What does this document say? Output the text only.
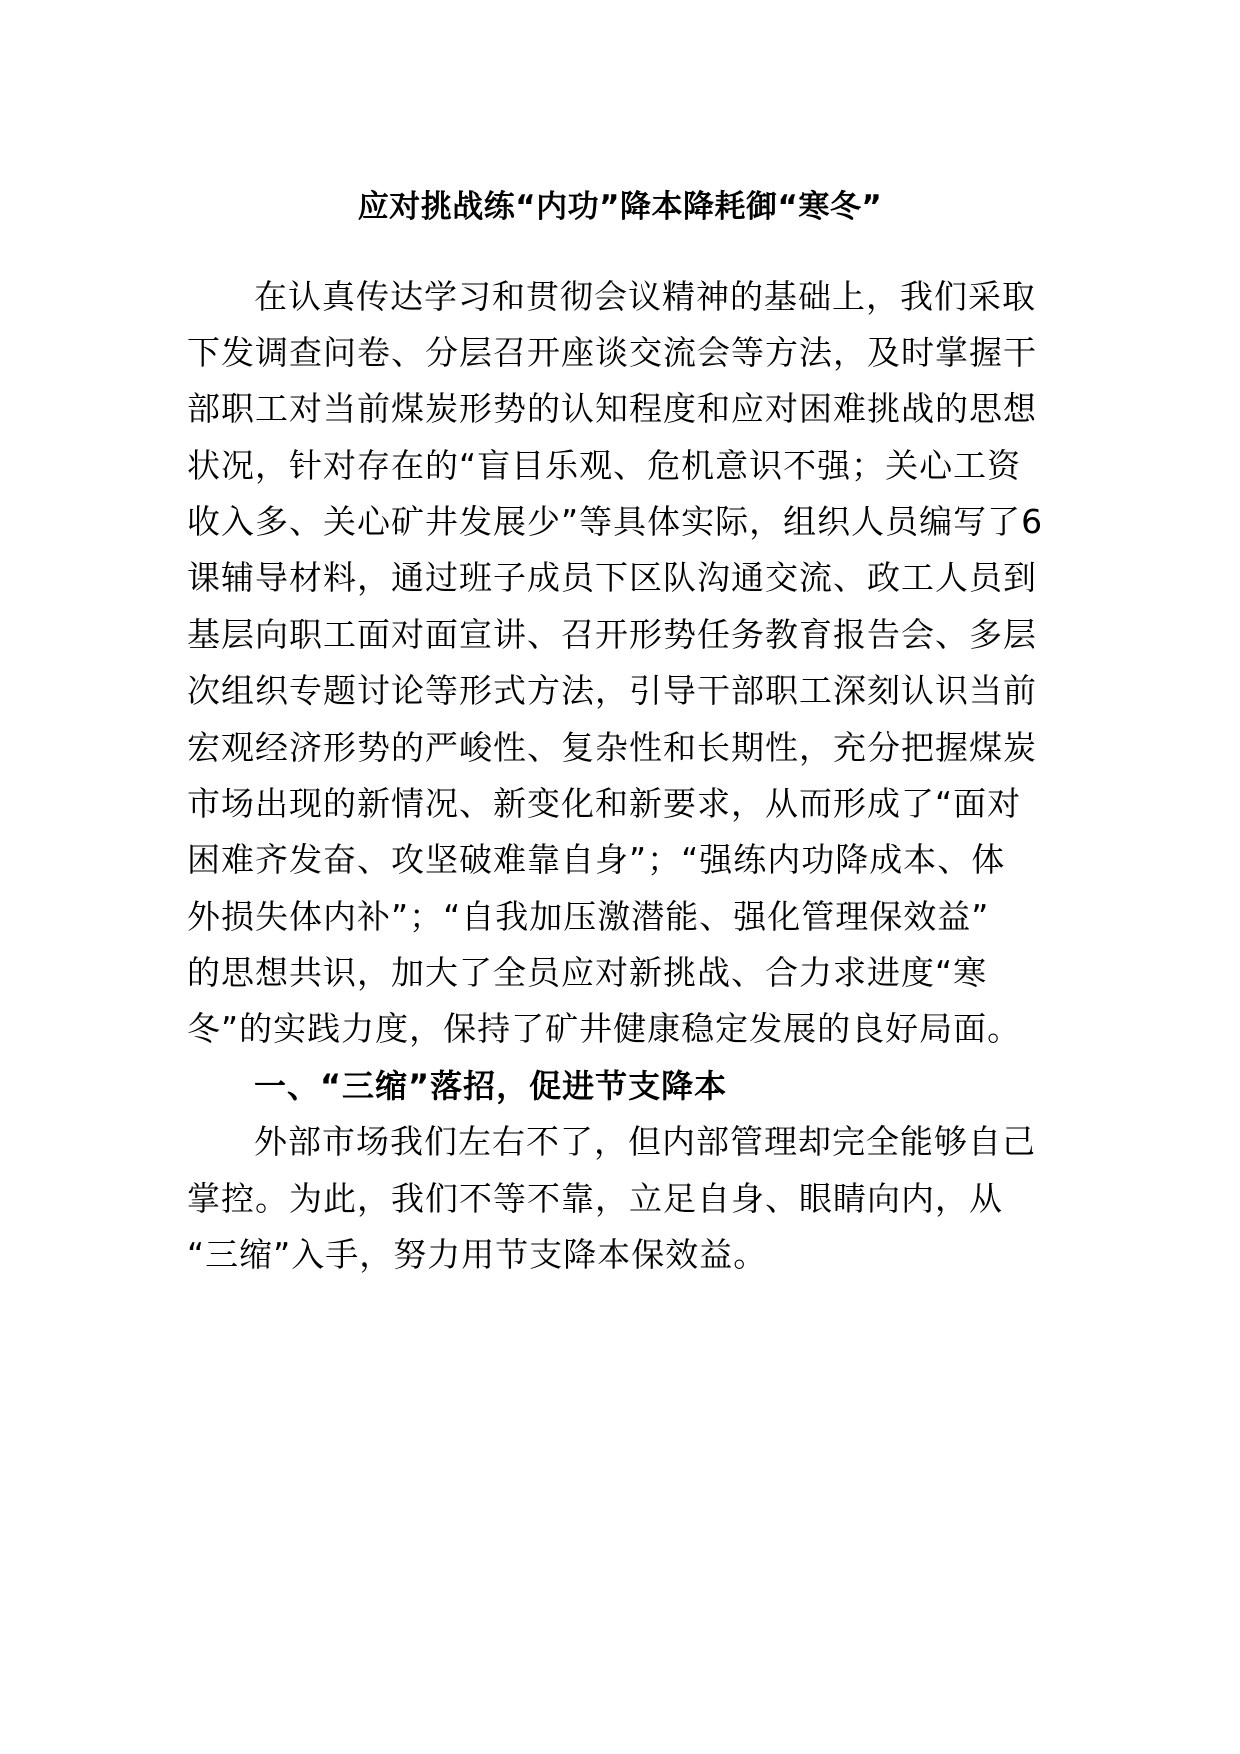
应对挑战练“内功”降本降耗御“寒冬”
在认真传达学习和贯彻会议精神的基础上，我们采取
下发调查问卷、分层召开座谈交流会等方法，及时掌握干
部职工对当前煤炭形势的认知程度和应对困难挑战的思想
状况，针对存在的“盲目乐观、危机意识不强；关心工资
收入多、关心矿井发展少”等具体实际，组织人员编写了6
课辅导材料，通过班子成员下区队沟通交流、政工人员到
基层向职工面对面宣讲、召开形势任务教育报告会、多层
次组织专题讨论等形式方法，引导干部职工深刻认识当前
宏观经济形势的严峻性、复杂性和长期性，充分把握煤炭
市场出现的新情况、新变化和新要求，从而形成了“面对
困难齐发奋、攻坚破难靠自身”；“强练内功降成本、体
外损失体内补”；“自我加压激潜能、强化管理保效益”
的思想共识，加大了全员应对新挑战、合力求进度“寒
冬”的实践力度，保持了矿井健康稳定发展的良好局面。
一、“三缩”落招，促进节支降本
外部市场我们左右不了，但内部管理却完全能够自己
掌控。为此，我们不等不靠，立足自身、眼睛向内，从
“三缩”入手，努力用节支降本保效益。
